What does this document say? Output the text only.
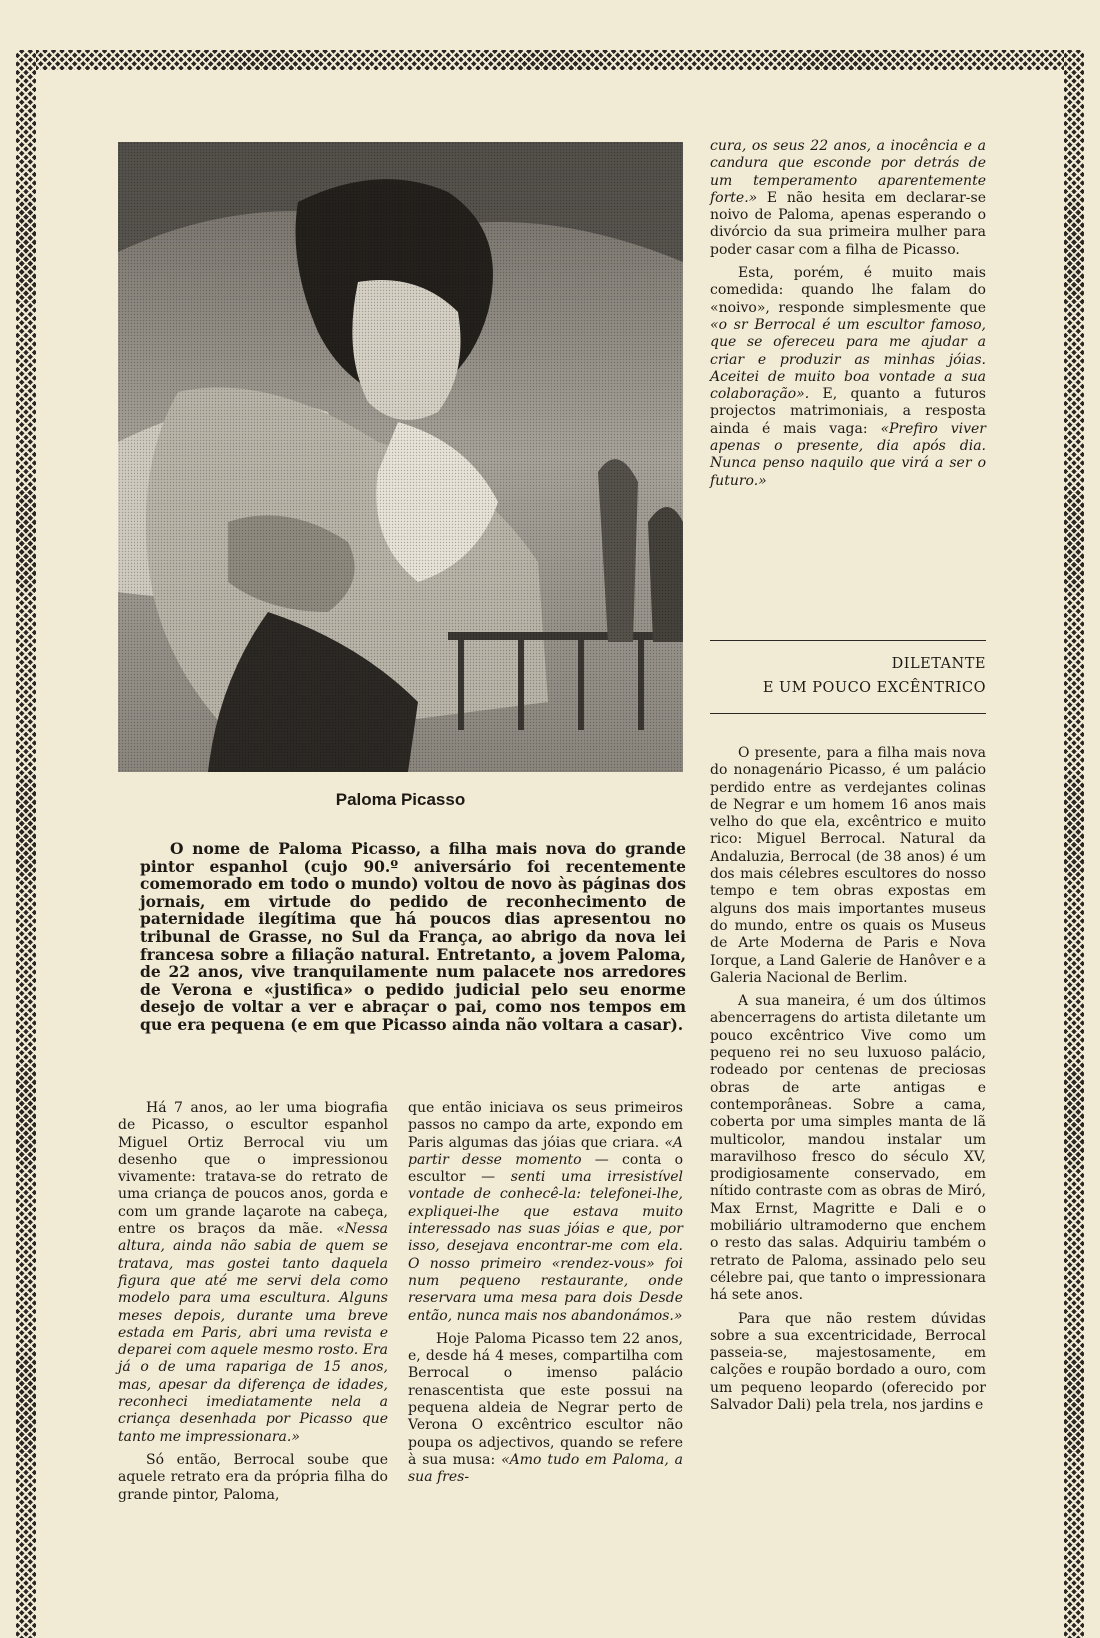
Paloma Picasso

O nome de Paloma Picasso, a filha mais nova do grande pintor espanhol (cujo 90.º aniversário foi recentemente comemorado em todo o mundo) voltou de novo às páginas dos jornais, em virtude do pedido de reconhecimento de paternidade ilegítima que há poucos dias apresentou no tribunal de Grasse, no Sul da França, ao abrigo da nova lei francesa sobre a filiação natural. Entretanto, a jovem Paloma, de 22 anos, vive tranquilamente num palacete nos arredores de Verona e «justifica» o pedido judicial pelo seu enorme desejo de voltar a ver e abraçar o pai, como nos tempos em que era pequena (e em que Picasso ainda não voltara a casar).

Há 7 anos, ao ler uma biografia de Picasso, o escultor espanhol Miguel Ortiz Berrocal viu um desenho que o impressionou vivamente: tratava-se do retrato de uma criança de poucos anos, gorda e com um grande laçarote na cabeça, entre os braços da mãe. «Nessa altura, ainda não sabia de quem se tratava, mas gostei tanto daquela figura que até me servi dela como modelo para uma escultura. Alguns meses depois, durante uma breve estada em Paris, abri uma revista e deparei com aquele mesmo rosto. Era já o de uma rapariga de 15 anos, mas, apesar da diferença de idades, reconheci imediatamente nela a criança desenhada por Picasso que tanto me impressionara.»

Só então, Berrocal soube que aquele retrato era da própria filha do grande pintor, Paloma,

que então iniciava os seus primeiros passos no campo da arte, expondo em Paris algumas das jóias que criara. «A partir desse momento — conta o escultor — senti uma irresistível vontade de conhecê-la: telefonei-lhe, expliquei-lhe que estava muito interessado nas suas jóias e que, por isso, desejava encontrar-me com ela. O nosso primeiro «rendez-vous» foi num pequeno restaurante, onde reservara uma mesa para dois Desde então, nunca mais nos abandonámos.»

Hoje Paloma Picasso tem 22 anos, e, desde há 4 meses, compartilha com Berrocal o imenso palácio renascentista que este possui na pequena aldeia de Negrar perto de Verona O excêntrico escultor não poupa os adjectivos, quando se refere à sua musa: «Amo tudo em Paloma, a sua fres-

cura, os seus 22 anos, a inocência e a candura que esconde por detrás de um temperamento aparentemente forte.» E não hesita em declarar-se noivo de Paloma, apenas esperando o divórcio da sua primeira mulher para poder casar com a filha de Picasso.

Esta, porém, é muito mais comedida: quando lhe falam do «noivo», responde simplesmente que «o sr Berrocal é um escultor famoso, que se ofereceu para me ajudar a criar e produzir as minhas jóias. Aceitei de muito boa vontade a sua colaboração». E, quanto a futuros projectos matrimoniais, a resposta ainda é mais vaga: «Prefiro viver apenas o presente, dia após dia. Nunca penso naquilo que virá a ser o futuro.»

DILETANTE
E UM POUCO EXCÊNTRICO

O presente, para a filha mais nova do nonagenário Picasso, é um palácio perdido entre as verdejantes colinas de Negrar e um homem 16 anos mais velho do que ela, excêntrico e muito rico: Miguel Berrocal. Natural da Andaluzia, Berrocal (de 38 anos) é um dos mais célebres escultores do nosso tempo e tem obras expostas em alguns dos mais importantes museus do mundo, entre os quais os Museus de Arte Moderna de Paris e Nova Iorque, a Land Galerie de Hanôver e a Galeria Nacional de Berlim.

A sua maneira, é um dos últimos abencerragens do artista diletante um pouco excêntrico Vive como um pequeno rei no seu luxuoso palácio, rodeado por centenas de preciosas obras de arte antigas e contemporâneas. Sobre a cama, coberta por uma simples manta de lã multicolor, mandou instalar um maravilhoso fresco do século XV, prodigiosamente conservado, em nítido contraste com as obras de Miró, Max Ernst, Magritte e Dali e o mobiliário ultramoderno que enchem o resto das salas. Adquiriu também o retrato de Paloma, assinado pelo seu célebre pai, que tanto o impressionara há sete anos.

Para que não restem dúvidas sobre a sua excentricidade, Berrocal passeia-se, majestosamente, em calções e roupão bordado a ouro, com um pequeno leopardo (oferecido por Salvador Dali) pela trela, nos jardins e
